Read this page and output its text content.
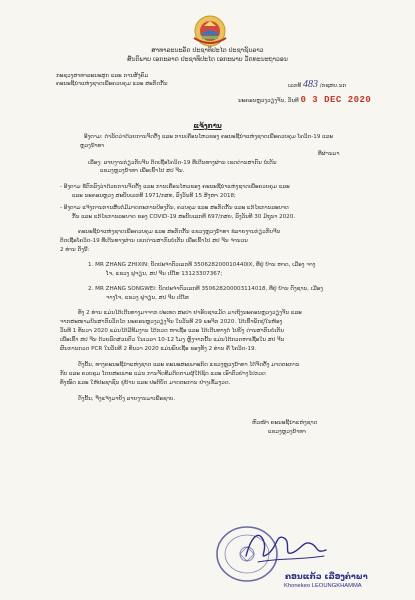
ສາທາລະນະລັດ ປະຊາທິປະໄຕ ປະຊາຊົນລາວ
ສັນຕິພາບ ເອກະລາດ ປະຊາທິປະໄຕ ເອກະພາບ ວັດທະນະຖາວອນ
ກະຊວງສາທາລະນະສຸກ ແລະ ການສັງຄົມ
ຄະນະຊີ້ນຳແຫ່ງຊາດເພື່ອຄວບຄຸມ ແລະ ສະກັດກັ້ນ	ເລກທີ 483 /ກຊສຍ.ນກ
ນະຄອນຫຼວງວຽງຈັນ, ວັນທີ 0 3 DEC 2020
ແຈ້ງການ
ອີງຕາມ: ດຳລັດວ່າດ້ວຍການຈັດຕັ້ງ ແລະ ການເຄື່ອນໄຫວຂອງ ຄະນະຊີ້ນຳແຫ່ງຊາດເພື່ອຄວບຄຸມ ໂຄວິດ-19 ແລະ
ຫຼວງນ້ຳທາ
ທີ່ຜ່ານມາ
ເລື່ອງ: ລາຍງານກ່ຽວກັບຈີນ ຕິດເຊື້ອໂຄວິດ-19 ທີ່ເດີນທາງຜ່ານ ເຂດດ່ານສາກົນ ບໍ່ເຕັນ
ແຂວງຫຼວງນ້ຳທາ ເພື່ອເຂົ້າໄປ ສປ ຈີນ.
- ອີງຕາມ ຂໍ້ຕົກລົງວ່າດ້ວຍການຈັດຕັ້ງ ແລະ ການເຄື່ອນໄຫວຂອງ ຄະນະຊີ້ນຳແຫ່ງຊາດເພື່ອຄວບຄຸມ ແລະ
ແລະ ນະຄອນຫຼວງ ສະບັບເລກທີ 1971/ກສທ, ລົງວັນທີ 15 ສິງຫາ 2018;
- ອີງຕາມ ແຈ້ງການການສືບຕໍ່ມີມາດຕະການປ້ອງກັນ, ຄວບຄຸມ ແລະ ສະກັດກັ້ນ ແລະ ແກ້ໄຂການລະບາດ
ກັ້ນ ແລະ ແກ້ໄຂການລະບາດ ຂອງ COVID-19 ສະບັບເລກທີ 697/ກສຍ, ລົງວັນທີ 30 ມິຖຸນາ 2020.
ຄະນະຊີ້ນຳແຫ່ງຊາດເພື່ອຄວບຄຸມ ແລະ ສະກັດກັ້ນ ແຂວງຫຼວງນ້ຳທາ ຂໍລາຍງານກ່ຽວກັບຈີນ
ຕິດເຊື້ອໂຄວິດ-19 ທີ່ເດີນທາງຜ່ານ ເຂດດ່ານສາກົນບໍ່ເຕັນ ເພື່ອເຂົ້າໄປ ສປ ຈີນ ຈຳນວນ
2 ທ່ານ ດັ່ງນີ້:
1. MR ZHANG ZHIXIN: ບັດປະຈຳຕົວເລກທີ 350628200010440IX, ທີ່ຢູ່ ບ້ານ ຫາດ, ເມືອງ ຈາງ
ໂຈ, ແຂວງ ຟູຈຽນ, ສປ ຈີນ ເບີໂທ 13123307367;
2. MR ZHANG SONGWEI: ບັດປະຈຳຕົວເລກທີ 350628200003114018, ທີ່ຢູ່ ບ້ານ ຕົງຊານ, ເມືອງ
ຈາງໂຈ, ແຂວງ ຟູຈຽນ, ສປ ຈີນ ເບີໂທ
ທັງ 2 ທ່ານ ແມ່ນໄດ້ເດີນທາງມາຈາກ ປະເທດ ສະປາ ຢາຣັບຊາແມັດ ມາເຖິງນະຄອນຫຼວງວຽງຈັນ ແລະ
ຈາກສະໜາມບິນສາກົນວັດໄຕ ນະຄອນຫຼວງວຽງຈັນ ໃນວັນທີ 29 ພະຈິກ 2020. ໄດ້ເຂົ້າພັກຢູ່ໃນຫ້ອງ
ວັນທີ 1 ທັນວາ 2020 ແມ່ນໄດ້ມີທີມງານ ໄດ້ກວດ ຫາເຊື້ອ ແລະ ໄດ້ເດີນທາງຕໍ່ ໄປຍັງ ດ່ານສາກົນບໍ່ເຕັນ
ເພື່ອເຂົ້າ ສປ ຈີນ ດ້ວຍລົດສ່ວນຕົວ ໃນເວລາ 10-12 ໂມງ ຫຼັງຈາກນັ້ນ ແມ່ນໄດ້ກວດຫາເຊື້ອໃນ ສປ ຈີນ
ຜົນການກວດ PCR ໃນວັນທີ 2 ທັນວາ 2020 ແມ່ນພົບເຊື້ອ ຂອງທັງ 2 ທ່ານ ຄື ໂຄວິດ-19.
ດັ່ງນັ້ນ, ທາງຄະນະຊີ້ນຳແຫ່ງຊາດ ແລະ ຄະນະສະເພາະກິດ ແຂວງຫຼວງນ້ຳທາ ໄດ້ຈັດຕັ້ງ ມາດຕະການ
ກັບ ແລະ ຄວບຄຸມ ໂດຍສະເພາະ ແມ່ນ ການຈັດທີມຕິດຕາມຜູ້ໃກ້ຊິດ ແລະ ເອົາຕົວຢ່າງໄປກວດ
ທັງໝົດ ແລະ ໃຫ້ປະຊາຊົນ ຢູ່ບ້ານ ແລະ ປະຕິບັດ ມາດຕະການ ຢ່າງເຂັ້ມງວດ.
ດັ່ງນັ້ນ, ຈຶ່ງແຈ້ງມາຍັງ ລາຍງານມາເພື່ອຊາບ.
ຫົວໜ້າ ຄະນະຊີ້ນຳແຫ່ງຊາດ
ແຂວງຫຼວງນ້ຳທາ
ຄອນແກ້ວ ເລື່ອງຄຳພາ
Khonekeo LEOUNGKHAMMA
